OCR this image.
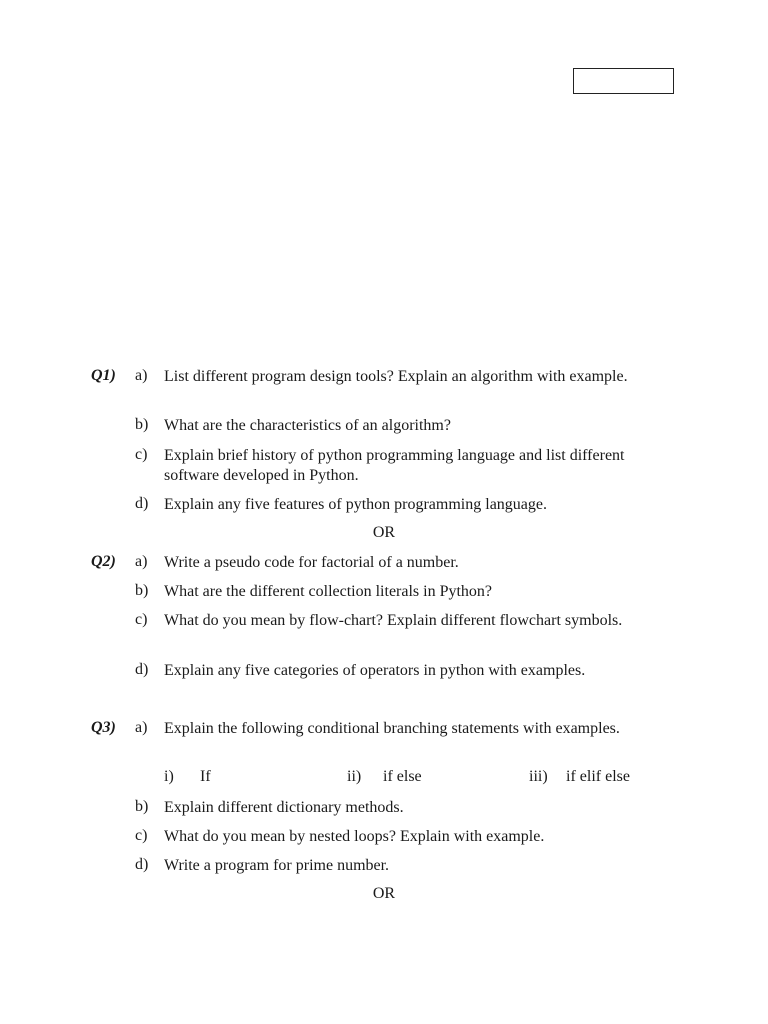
Q1) a) List different program design tools? Explain an algorithm with example.
b) What are the characteristics of an algorithm?
c) Explain brief history of python programming language and list different software developed in Python.
d) Explain any five features of python programming language.
OR
Q2) a) Write a pseudo code for factorial of a number.
b) What are the different collection literals in Python?
c) What do you mean by flow-chart? Explain different flowchart symbols.
d) Explain any five categories of operators in python with examples.
Q3) a) Explain the following conditional branching statements with examples.
i) If	ii) if else	iii) if elif else
b) Explain different dictionary methods.
c) What do you mean by nested loops? Explain with example.
d) Write a program for prime number.
OR
